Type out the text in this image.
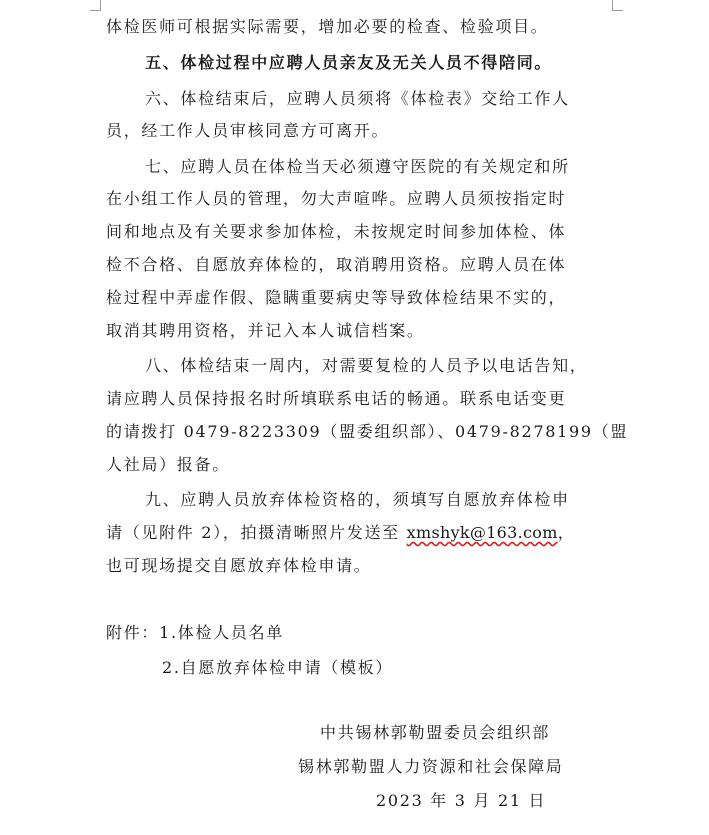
体检医师可根据实际需要，增加必要的检查、检验项目。
五、体检过程中应聘人员亲友及无关人员不得陪同。
六、体检结束后，应聘人员须将《体检表》交给工作人
员，经工作人员审核同意方可离开。
七、应聘人员在体检当天必须遵守医院的有关规定和所
在小组工作人员的管理，勿大声喧哗。应聘人员须按指定时
间和地点及有关要求参加体检，未按规定时间参加体检、体
检不合格、自愿放弃体检的，取消聘用资格。应聘人员在体
检过程中弄虚作假、隐瞒重要病史等导致体检结果不实的，
取消其聘用资格，并记入本人诚信档案。
八、体检结束一周内，对需要复检的人员予以电话告知，
请应聘人员保持报名时所填联系电话的畅通。联系电话变更
的请拨打 0479-8223309（盟委组织部）、0479-8278199（盟
人社局）报备。
九、应聘人员放弃体检资格的，须填写自愿放弃体检申
请（见附件 2），拍摄清晰照片发送至 xmshyk@163.com，
也可现场提交自愿放弃体检申请。
附件：1.体检人员名单
2.自愿放弃体检申请（模板）
中共锡林郭勒盟委员会组织部
锡林郭勒盟人力资源和社会保障局
2023 年 3 月 21 日
